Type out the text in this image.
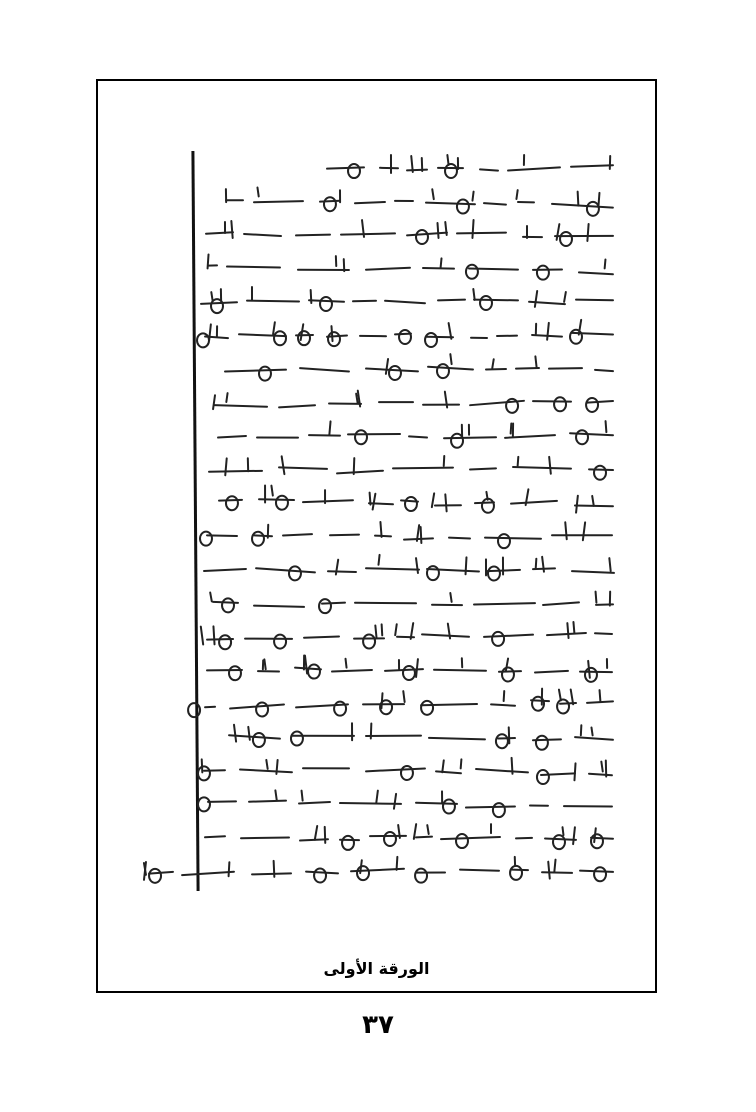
الورقة الأولى
٣٧
